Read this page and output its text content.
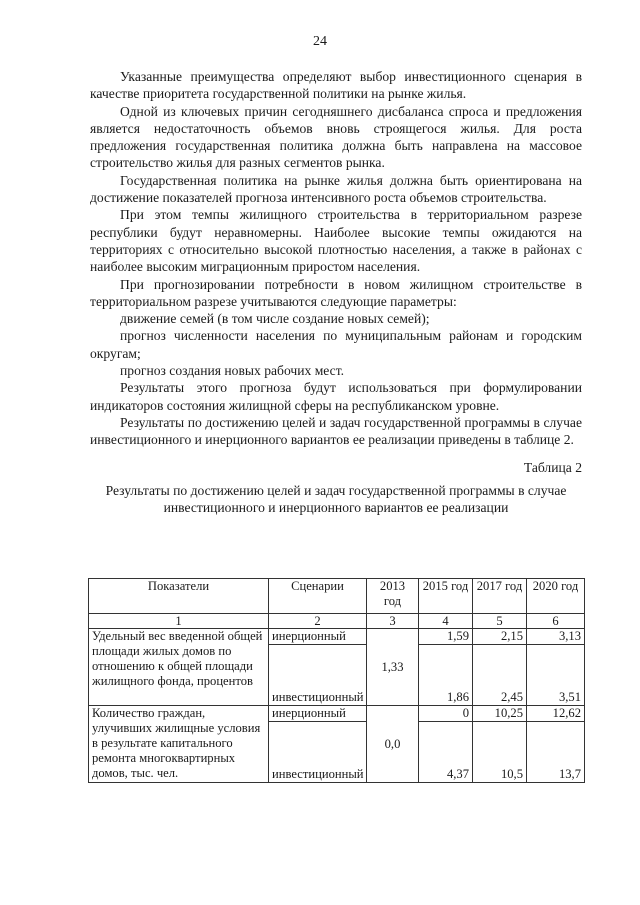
24

Указанные преимущества определяют выбор инвестиционного сценария в качестве приоритета государственной политики на рынке жилья.

Одной из ключевых причин сегодняшнего дисбаланса спроса и предложения является недостаточность объемов вновь строящегося жилья. Для роста предложения государственная политика должна быть направлена на массовое строительство жилья для разных сегментов рынка.

Государственная политика на рынке жилья должна быть ориентирована на достижение показателей прогноза интенсивного роста объемов строительства.

При этом темпы жилищного строительства в территориальном разрезе республики будут неравномерны. Наиболее высокие темпы ожидаются на территориях с относительно высокой плотностью населения, а также в районах с наиболее высоким миграционным приростом населения.

При прогнозировании потребности в новом жилищном строительстве в территориальном разрезе учитываются следующие параметры:

движение семей (в том числе создание новых семей);

прогноз численности населения по муниципальным районам и городским округам;

прогноз создания новых рабочих мест.

Результаты этого прогноза будут использоваться при формулировании индикаторов состояния жилищной сферы на республиканском уровне.

Результаты по достижению целей и задач государственной программы в случае инвестиционного и инерционного вариантов ее реализации приведены в таблице 2.

Таблица 2

Результаты по достижению целей и задач государственной программы в случае инвестиционного и инерционного вариантов ее реализации

Показатели	Сценарии	2013 год	2015 год	2017 год	2020 год
1	2	3	4	5	6
Удельный вес введенной общей площади жилых домов по отношению к общей площади жилищного фонда, процентов	инерционный	1,33	1,59	2,15	3,13
	инвестиционный		1,86	2,45	3,51
Количество граждан, улучивших жилищные условия в результате капитального ремонта многоквартирных домов, тыс. чел.	инерционный	0,0	0	10,25	12,62
	инвестиционный		4,37	10,5	13,7
